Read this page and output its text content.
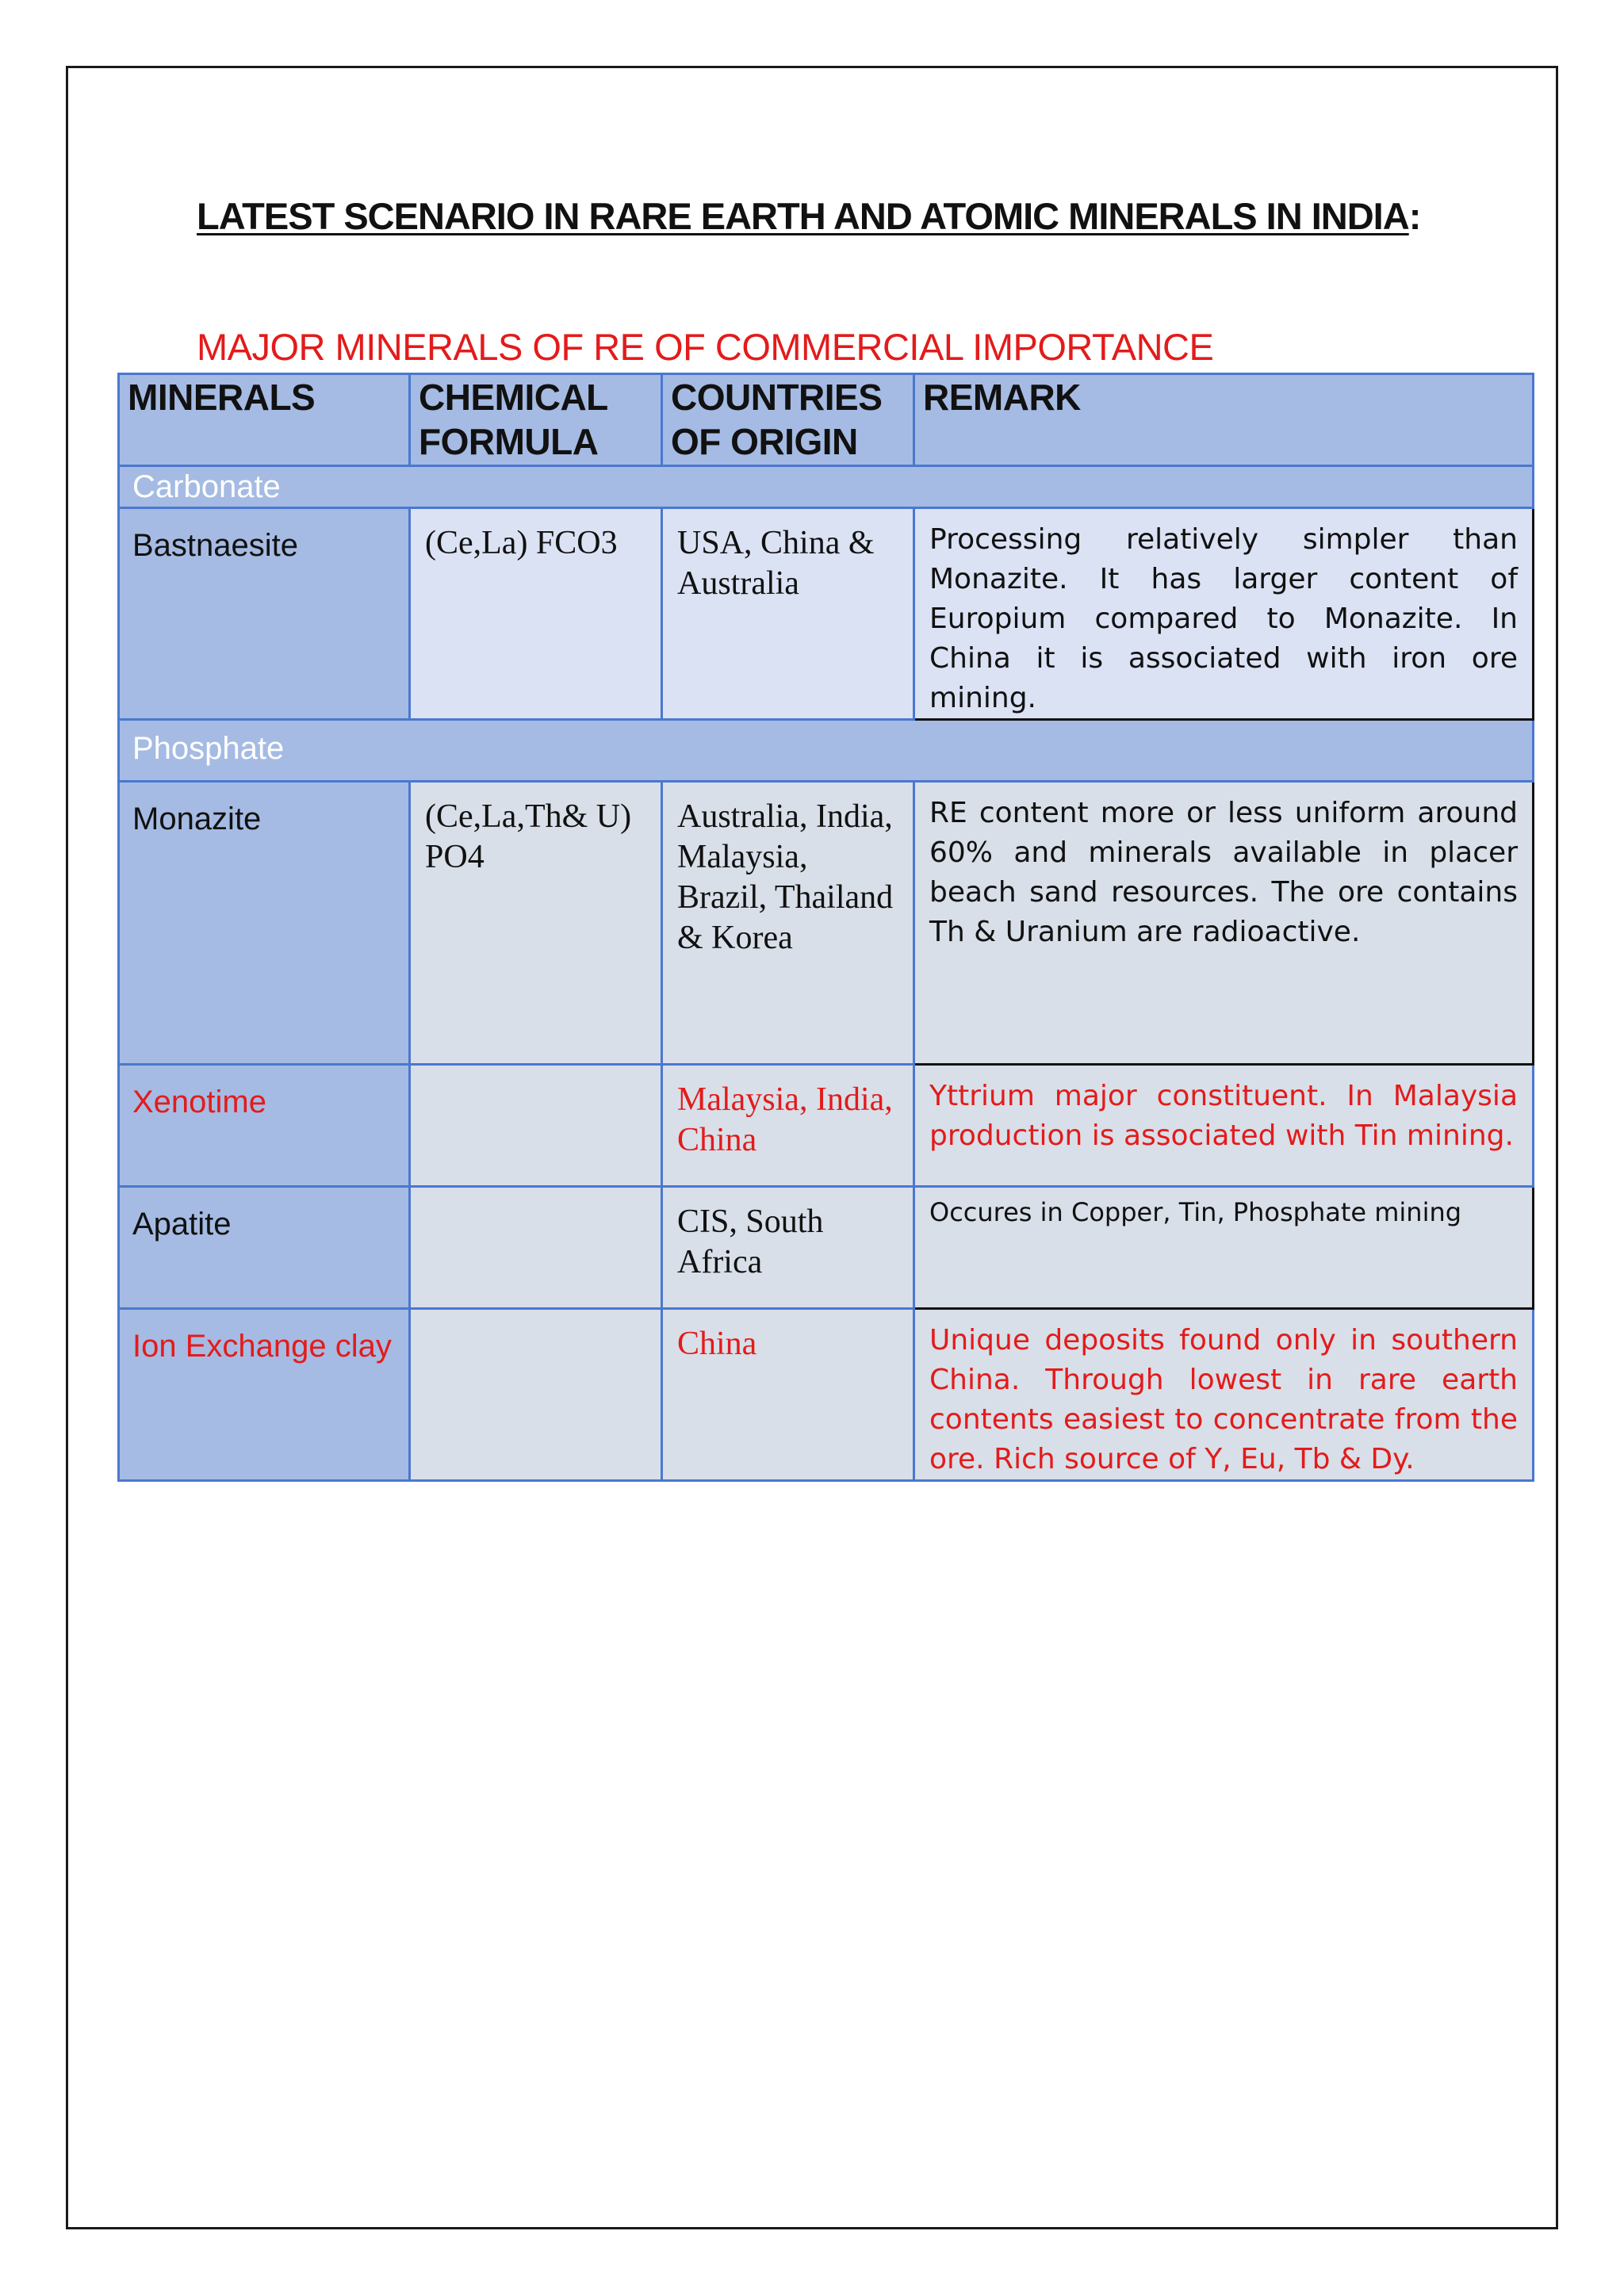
LATEST SCENARIO IN RARE EARTH AND ATOMIC MINERALS IN INDIA:
MAJOR MINERALS OF RE OF COMMERCIAL IMPORTANCE
MINERALS	CHEMICAL FORMULA	COUNTRIES OF ORIGIN	REMARK
Carbonate			
Bastnaesite	(Ce,La) FCO3	USA, China & Australia	Processing relatively simpler than Monazite. It has larger content of Europium compared to Monazite. In China it is associated with iron ore mining.
Phosphate			
Monazite	(Ce,La,Th& U) PO4	Australia, India, Malaysia, Brazil, Thailand & Korea	RE content more or less uniform around 60% and minerals available in placer beach sand resources. The ore contains Th & Uranium are radioactive.
Xenotime		Malaysia, India, China	Yttrium major constituent. In Malaysia production is associated with Tin mining.
Apatite		CIS, South Africa	Occures in Copper, Tin, Phosphate mining
Ion Exchange clay		China	Unique deposits found only in southern China. Through lowest in rare earth contents easiest to concentrate from the ore. Rich source of Y, Eu, Tb & Dy.
